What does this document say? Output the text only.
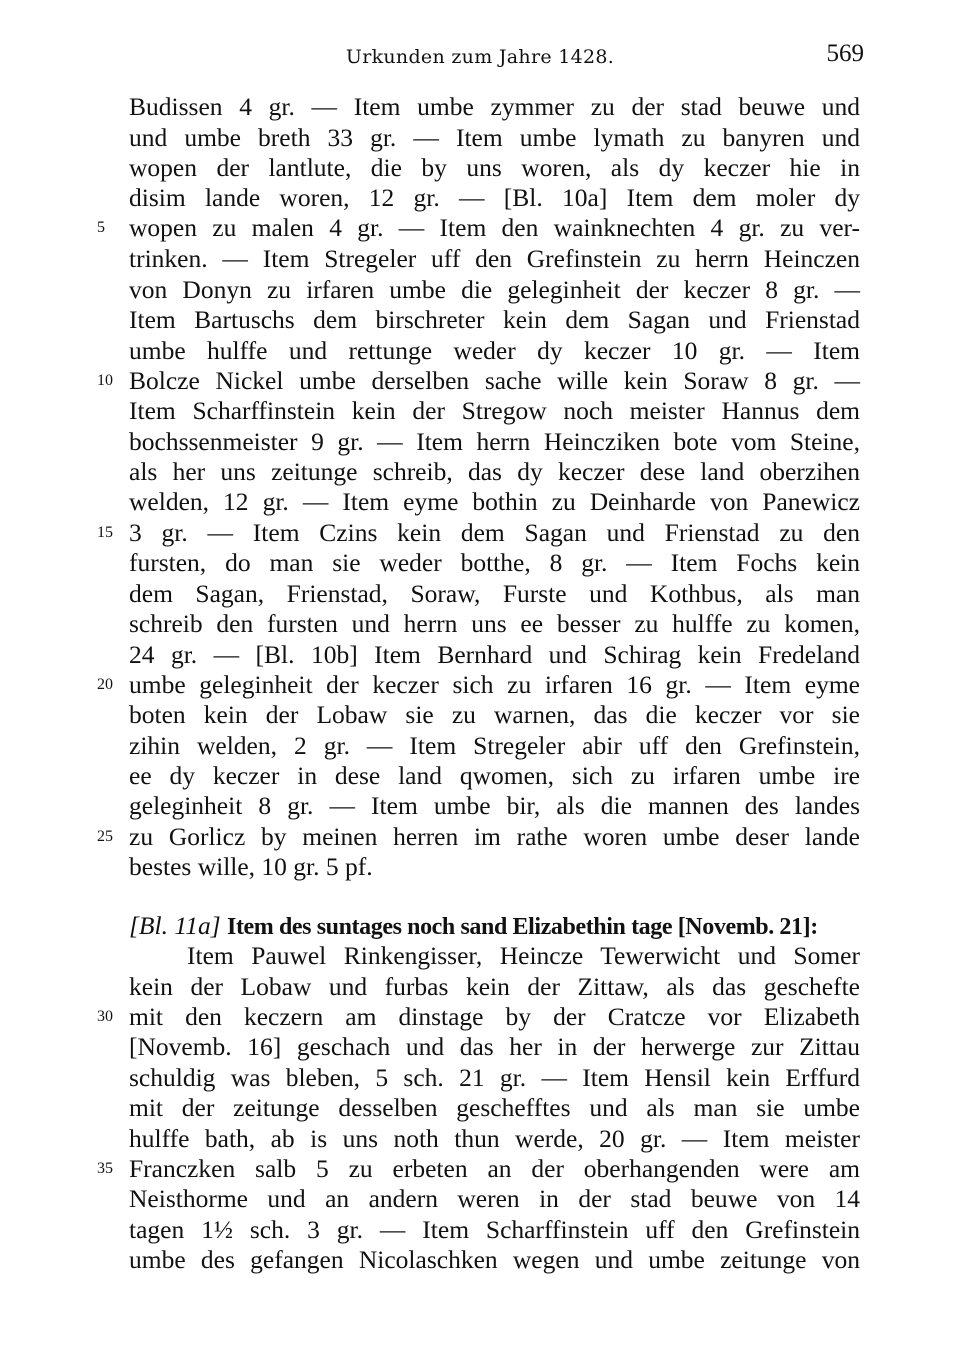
Urkunden zum Jahre 1428.	569
Budissen 4 gr. — Item umbe zymmer zu der stad beuwe und
und umbe breth 33 gr. — Item umbe lymath zu banyren und
wopen der lantlute, die by uns woren, als dy keczer hie in
disim lande woren, 12 gr. — [Bl. 10a] Item dem moler dy
5 wopen zu malen 4 gr. — Item den wainknechten 4 gr. zu ver-
trinken. — Item Stregeler uff den Grefinstein zu herrn Heinczen
von Donyn zu irfaren umbe die geleginheit der keczer 8 gr. —
Item Bartuschs dem birschreter kein dem Sagan und Frienstad
umbe hulffe und rettunge weder dy keczer 10 gr. — Item
10 Bolcze Nickel umbe derselben sache wille kein Soraw 8 gr. —
Item Scharffinstein kein der Stregow noch meister Hannus dem
bochssenmeister 9 gr. — Item herrn Heincziken bote vom Steine,
als her uns zeitunge schreib, das dy keczer dese land oberzihen
welden, 12 gr. — Item eyme bothin zu Deinharde von Panewicz
15 3 gr. — Item Czins kein dem Sagan und Frienstad zu den
fursten, do man sie weder botthe, 8 gr. — Item Fochs kein
dem Sagan, Frienstad, Soraw, Furste und Kothbus, als man
schreib den fursten und herrn uns ee besser zu hulffe zu komen,
24 gr. — [Bl. 10b] Item Bernhard und Schirag kein Fredeland
20 umbe geleginheit der keczer sich zu irfaren 16 gr. — Item eyme
boten kein der Lobaw sie zu warnen, das die keczer vor sie
zihin welden, 2 gr. — Item Stregeler abir uff den Grefinstein,
ee dy keczer in dese land qwomen, sich zu irfaren umbe ire
geleginheit 8 gr. — Item umbe bir, als die mannen des landes
25 zu Gorlicz by meinen herren im rathe woren umbe deser lande
bestes wille, 10 gr. 5 pf.
[Bl. 11a] Item des suntages noch sand Elizabethin tage [Novemb. 21]:
Item Pauwel Rinkengisser, Heincze Tewerwicht und Somer
kein der Lobaw und furbas kein der Zittaw, als das geschefte
30 mit den keczern am dinstage by der Cratcze vor Elizabeth
[Novemb. 16] geschach und das her in der herwerge zur Zittau
schuldig was bleben, 5 sch. 21 gr. — Item Hensil kein Erffurd
mit der zeitunge desselben geschefftes und als man sie umbe
hulffe bath, ab is uns noth thun werde, 20 gr. — Item meister
35 Franczken salb 5 zu erbeten an der oberhangenden were am
Neisthorme und an andern weren in der stad beuwe von 14
tagen 1½ sch. 3 gr. — Item Scharffinstein uff den Grefinstein
umbe des gefangen Nicolaschken wegen und umbe zeitunge von
